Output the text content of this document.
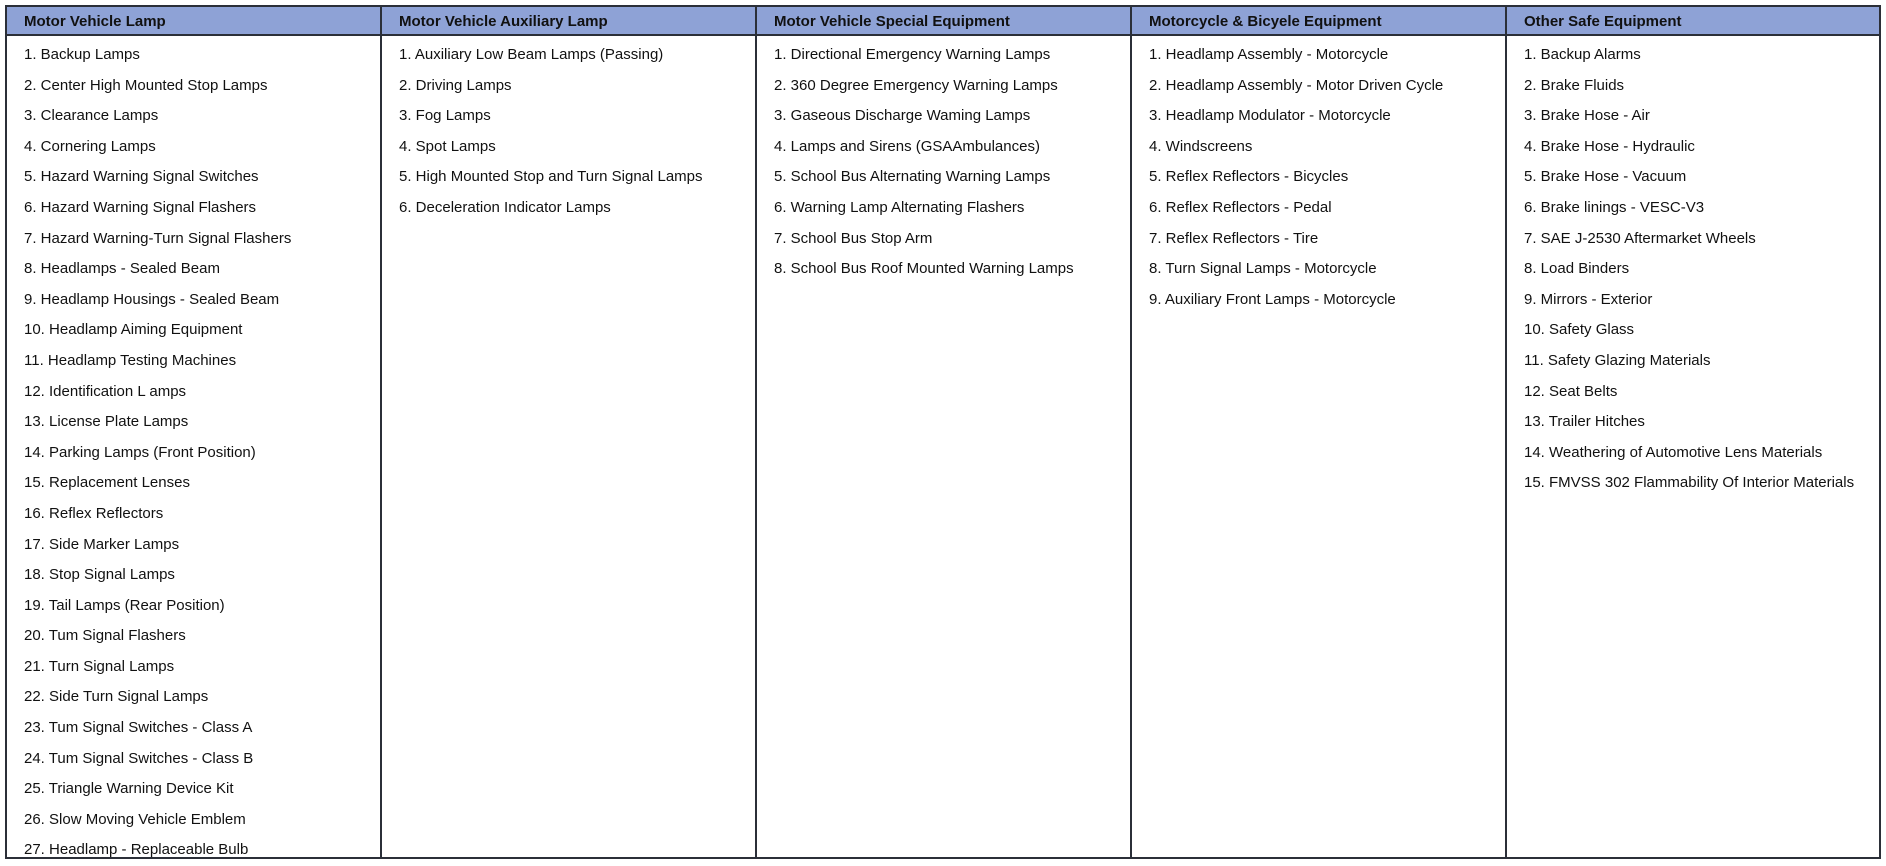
Motor Vehicle Lamp
1. Backup Lamps
2. Center High Mounted Stop Lamps
3. Clearance Lamps
4. Cornering Lamps
5. Hazard Warning Signal Switches
6. Hazard Warning Signal Flashers
7. Hazard Warning-Turn Signal Flashers
8. Headlamps - Sealed Beam
9. Headlamp Housings - Sealed Beam
10. Headlamp Aiming Equipment
11. Headlamp Testing Machines
12. Identification L amps
13. License Plate Lamps
14. Parking Lamps (Front Position)
15. Replacement Lenses
16. Reflex Reflectors
17. Side Marker Lamps
18. Stop Signal Lamps
19. Tail Lamps (Rear Position)
20. Tum Signal Flashers
21. Turn Signal Lamps
22. Side Turn Signal Lamps
23. Tum Signal Switches - Class A
24. Tum Signal Switches - Class B
25. Triangle Warning Device Kit
26. Slow Moving Vehicle Emblem
27. Headlamp - Replaceable Bulb
Motor Vehicle Auxiliary Lamp
1. Auxiliary Low Beam Lamps (Passing)
2. Driving Lamps
3. Fog Lamps
4. Spot Lamps
5. High Mounted Stop and Turn Signal Lamps
6. Deceleration Indicator Lamps
Motor Vehicle Special Equipment
1. Directional Emergency Warning Lamps
2. 360 Degree Emergency Warning Lamps
3. Gaseous Discharge Waming Lamps
4. Lamps and Sirens (GSAAmbulances)
5. School Bus Alternating Warning Lamps
6. Warning Lamp Alternating Flashers
7. School Bus Stop Arm
8. School Bus Roof Mounted Warning Lamps
Motorcycle & Bicyele Equipment
1. Headlamp Assembly - Motorcycle
2. Headlamp Assembly - Motor Driven Cycle
3. Headlamp Modulator - Motorcycle
4. Windscreens
5. Reflex Reflectors - Bicycles
6. Reflex Reflectors - Pedal
7. Reflex Reflectors - Tire
8. Turn Signal Lamps - Motorcycle
9. Auxiliary Front Lamps - Motorcycle
Other Safe Equipment
1. Backup Alarms
2. Brake Fluids
3. Brake Hose - Air
4. Brake Hose - Hydraulic
5. Brake Hose - Vacuum
6. Brake linings - VESC-V3
7. SAE J-2530 Aftermarket Wheels
8. Load Binders
9. Mirrors - Exterior
10. Safety Glass
11. Safety Glazing Materials
12. Seat Belts
13. Trailer Hitches
14. Weathering of Automotive Lens Materials
15. FMVSS 302 Flammability Of Interior Materials
